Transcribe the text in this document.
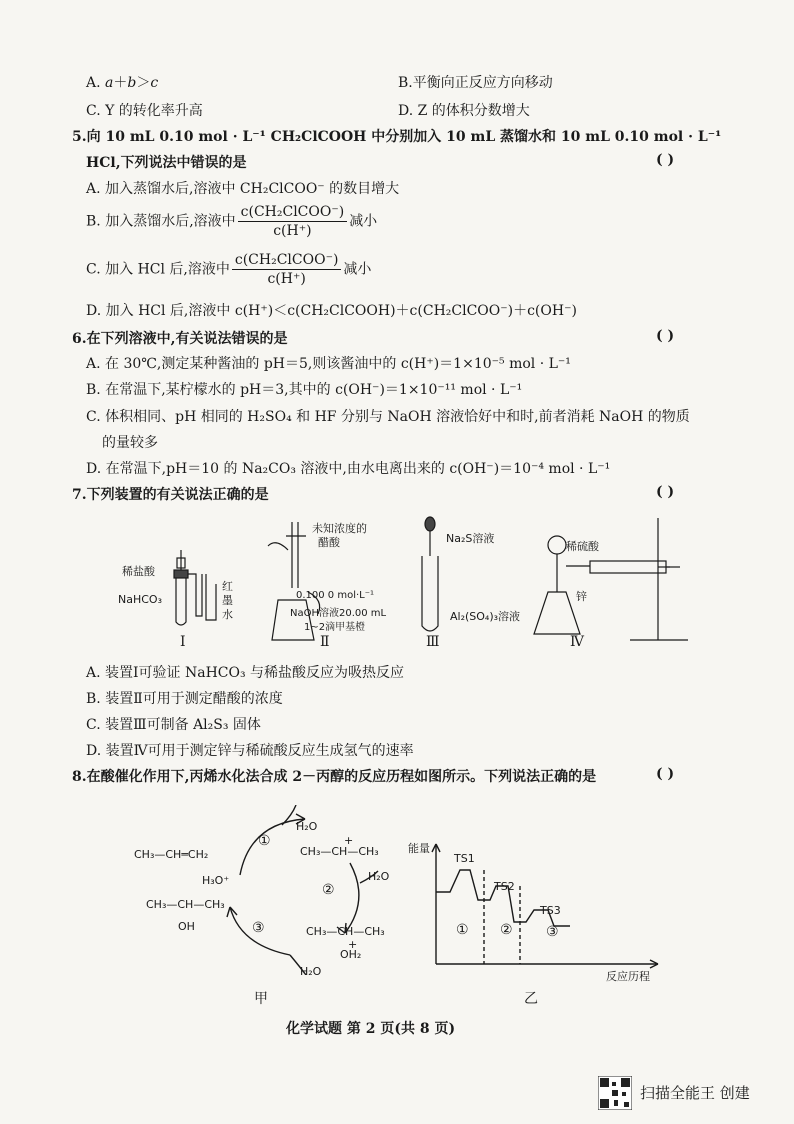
A. a＋b＞c	B.平衡向正反应方向移动
C. Y 的转化率升高	D. Z 的体积分数增大
5.向 10 mL 0.10 mol · L⁻¹ CH₂ClCOOH 中分别加入 10 mL 蒸馏水和 10 mL 0.10 mol · L⁻¹
HCl,下列说法中错误的是	( )
A. 加入蒸馏水后,溶液中 CH₂ClCOO⁻ 的数目增大
B. 加入蒸馏水后,溶液中 $\frac{\text{c(CH₂ClCOO⁻)}}{c(H^+)}$ 减小
C. 加入 HCl 后,溶液中 $\frac{\text{c(CH₂ClCOO⁻)}}{c(H^+)}$ 减小
D. 加入 HCl 后,溶液中 c(H⁺)＜c(CH₂ClCOOH)＋c(CH₂ClCOO⁻)＋c(OH⁻)
6.在下列溶液中,有关说法错误的是	( )
A. 在 30℃,测定某种酱油的 pH＝5,则该酱油中的 c(H⁺)＝1×10⁻⁵ mol · L⁻¹
B. 在常温下,某柠檬水的 pH＝3,其中的 c(OH⁻)＝1×10⁻¹¹ mol · L⁻¹
C. 体积相同、pH 相同的 H₂SO₄ 和 HF 分别与 NaOH 溶液恰好中和时,前者消耗 NaOH 的物质
的量较多
D. 在常温下,pH＝10 的 Na₂CO₃ 溶液中,由水电离出来的 c(OH⁻)＝10⁻⁴ mol · L⁻¹
7.下列装置的有关说法正确的是	( )
稀盐酸
NaHCO₃
红
墨
水
Ⅰ
未知浓度的
醋酸
0.100 0 mol·L⁻¹
NaOH溶液20.00 mL
1~2滴甲基橙
Ⅱ
Na₂S溶液
Al₂(SO₄)₃溶液
Ⅲ
稀硫酸
锌
Ⅳ
A. 装置Ⅰ可验证 NaHCO₃ 与稀盐酸反应为吸热反应
B. 装置Ⅱ可用于测定醋酸的浓度
C. 装置Ⅲ可制备 Al₂S₃ 固体
D. 装置Ⅳ可用于测定锌与稀硫酸反应生成氢气的速率
8.在酸催化作用下,丙烯水化法合成 2－丙醇的反应历程如图所示。下列说法正确的是	( )
CH₃—CH═CH₂
H₃O⁺
CH₃—CH—CH₃
+
H₂O
H₂O
H₂O
CH₃—CH—CH₃
+
OH₂
CH₃—CH—CH₃
OH
①
②
③
甲
能量
反应历程
TS1
TS2
TS3
① ② ③
乙
化学试题 第 2 页(共 8 页)
扫描全能王 创建
